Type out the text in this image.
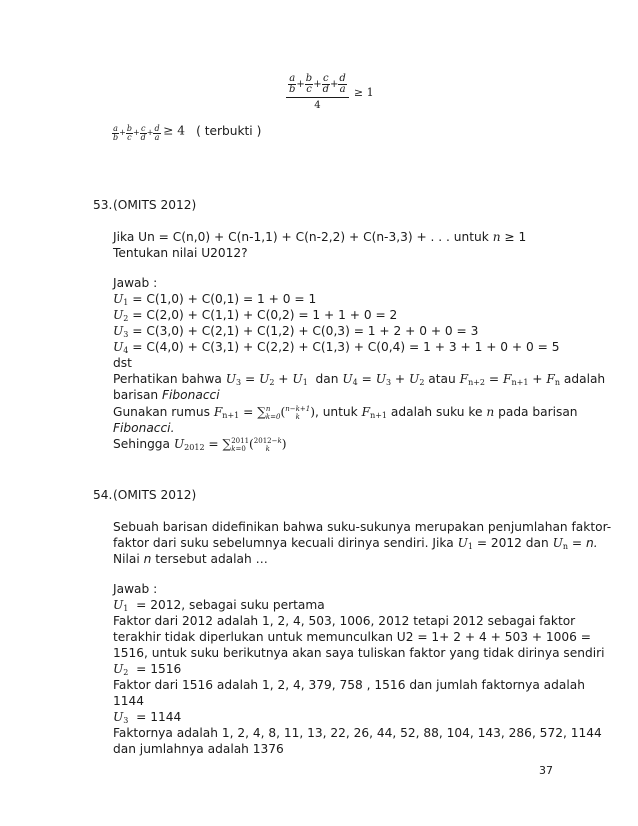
$\frac{\frac{a}{b} + \frac{b}{c} + \frac{c}{d} + \frac{d}{a}}{4} \ge 1$
$\frac{a}{b} + \frac{b}{c} + \frac{c}{d} + \frac{d}{a} \ge 4$ ( terbukti )
53. (OMITS 2012)
Jika Un = C(n,0) + C(n-1,1) + C(n-2,2) + C(n-3,3) + . . . untuk n ≥ 1
Tentukan nilai U2012?
Jawab :
$U_1 = C(1,0) + C(0,1) = 1 + 0 = 1$
$U_2 = C(2,0) + C(1,1) + C(0,2) = 1 + 1 + 0 = 2$
$U_3 = C(3,0) + C(2,1) + C(1,2) + C(0,3) = 1 + 2 + 0 + 0 = 3$
$U_4 = C(4,0) + C(3,1) + C(2,2) + C(1,3) + C(0,4) = 1 + 3 + 1 + 0 + 0 = 5$
dst
Perhatikan bahwa $U_3 = U_2 + U_1$ dan $U_4 = U_3 + U_2$ atau $F_{n+2} = F_{n+1} + F_n$ adalah
barisan Fibonacci
Gunakan rumus $F_{n+1}$ = ∑ n
k=0 ( n−k+1
k ), untuk $F_{n+1}$ adalah suku ke n pada barisan
Fibonacci.
Sehingga $U_{2012}$ = ∑ 2011
k=0 ( 2012−k
k )
54. (OMITS 2012)
Sebuah barisan didefinikan bahwa suku-sukunya merupakan penjumlahan faktor-
faktor dari suku sebelumnya kecuali dirinya sendiri. Jika $U_1 = 2012$ dan $U_n = n$.
Nilai n tersebut adalah …
Jawab :
$U_1 = 2012$, sebagai suku pertama
Faktor dari 2012 adalah 1, 2, 4, 503, 1006, 2012 tetapi 2012 sebagai faktor
terakhir tidak diperlukan untuk memunculkan U2 = 1+ 2 + 4 + 503 + 1006 =
1516, untuk suku berikutnya akan saya tuliskan faktor yang tidak dirinya sendiri
$U_2 = 1516$
Faktor dari 1516 adalah 1, 2, 4, 379, 758 , 1516 dan jumlah faktornya adalah
1144
$U_3 = 1144$
Faktornya adalah 1, 2, 4, 8, 11, 13, 22, 26, 44, 52, 88, 104, 143, 286, 572, 1144
dan jumlahnya adalah 1376
37
